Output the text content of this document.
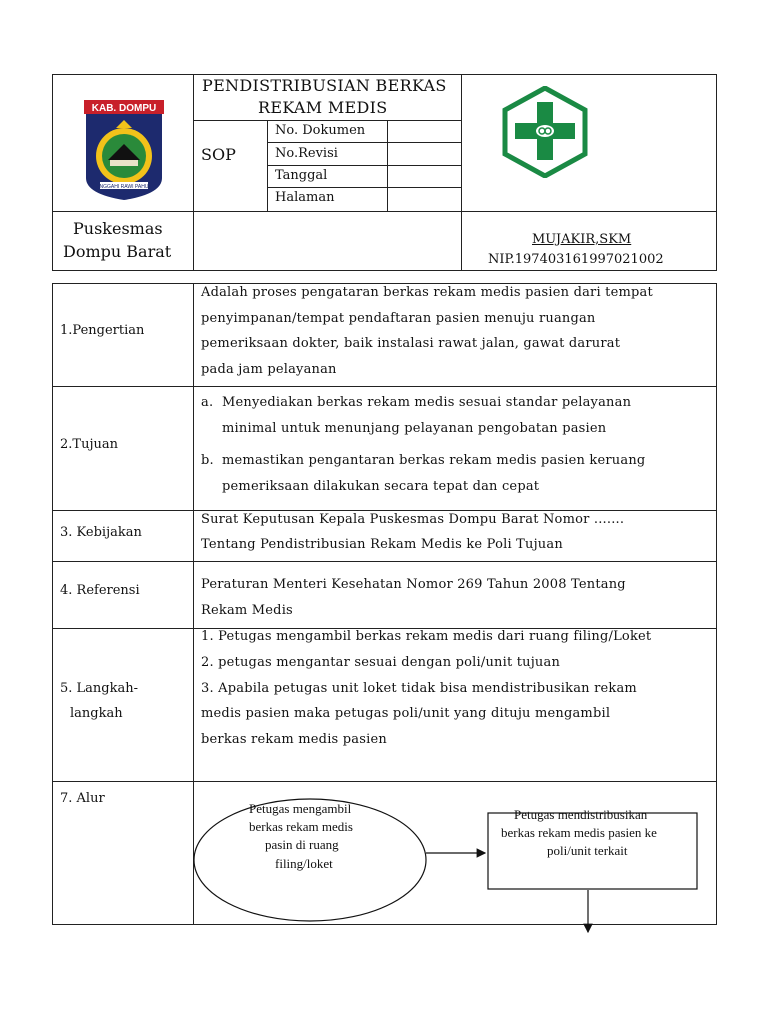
KAB. DOMPU
NGGAHI RAWI PAHU
PENDISTRIBUSIAN BERKAS
REKAM MEDIS
SOP
No. Dokumen
No.Revisi
Tanggal
Halaman
Puskesmas
Dompu Barat
MUJAKIR,SKM
NIP.197403161997021002
1.Pengertian
Adalah proses pengataran berkas rekam medis pasien dari tempat
penyimpanan/tempat pendaftaran pasien menuju ruangan
pemeriksaan dokter, baik instalasi rawat jalan, gawat darurat
pada jam pelayanan
2.Tujuan
a. Menyediakan berkas rekam medis sesuai standar pelayanan
minimal untuk menunjang pelayanan pengobatan pasien
b. memastikan pengantaran berkas rekam medis pasien keruang
pemeriksaan dilakukan secara tepat dan cepat
3. Kebijakan
Surat Keputusan Kepala Puskesmas Dompu Barat Nomor .......
Tentang Pendistribusian Rekam Medis ke Poli Tujuan
4. Referensi	Peraturan Menteri Kesehatan Nomor 269 Tahun 2008 Tentang
Rekam Medis
5. Langkah-
langkah
1. Petugas mengambil berkas rekam medis dari ruang filing/Loket
2. petugas mengantar sesuai dengan poli/unit tujuan
3. Apabila petugas unit loket tidak bisa mendistribusikan rekam
medis pasien maka petugas poli/unit yang dituju mengambil
berkas rekam medis pasien
7. Alur
Petugas mengambil
berkas rekam medis
pasin di ruang
filing/loket
Petugas mendistribusikan
berkas rekam medis pasien ke
poli/unit terkait
